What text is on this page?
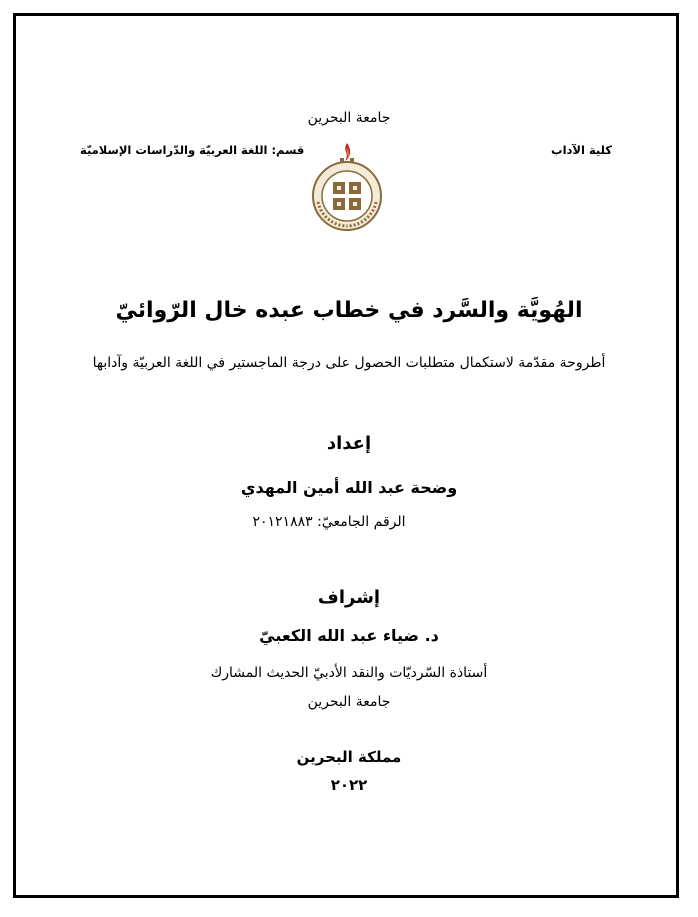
جامعة البحرين
كلية الآداب
قسم: اللغة العربيّة والدّراسات الإسلاميّة
الهُويَّة والسَّرد في خطاب عبده خال الرّوائيّ
أطروحة مقدّمة لاستكمال متطلبات الحصول على درجة الماجستير في اللغة العربيّة وآدابها
إعداد
وضحة عبد الله أمين المهدي
الرقم الجامعيّ: ٢٠١٢١٨٨٣
إشراف
د. ضياء عبد الله الكعبيّ
أستاذة السّرديّات والنقد الأدبيّ الحديث المشارك
جامعة البحرين
مملكة البحرين
٢٠٢٢
